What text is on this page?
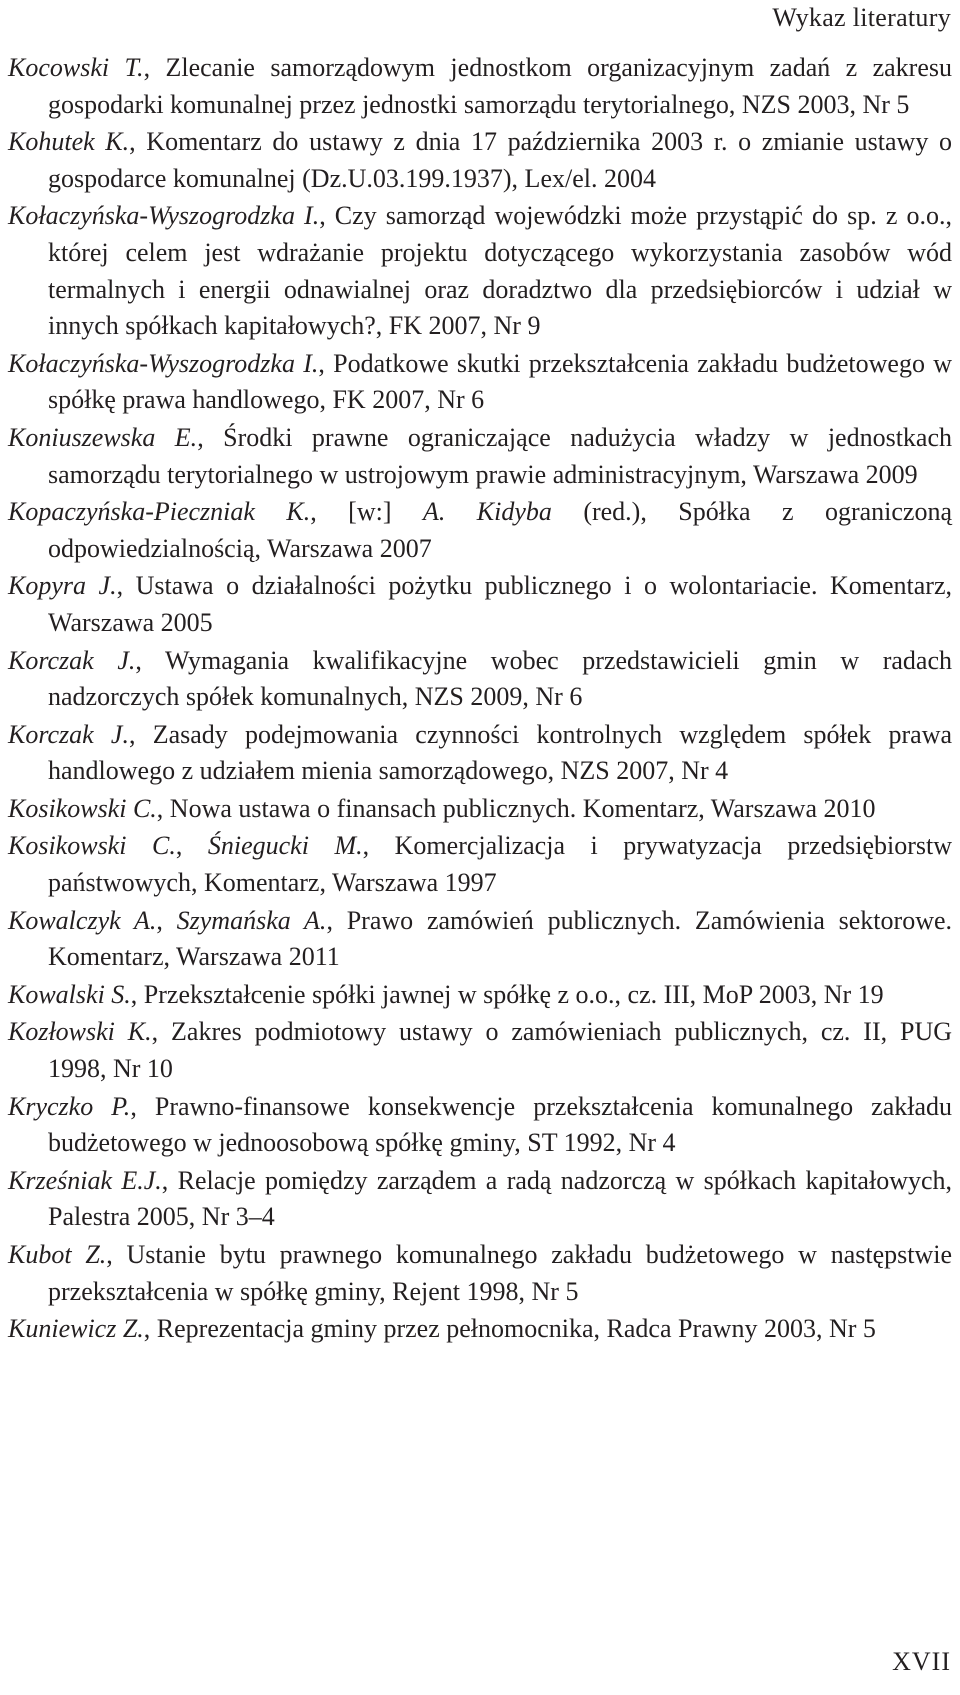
Wykaz literatury
Kocowski T., Zlecanie samorządowym jednostkom organizacyjnym zadań z zakresu gospodarki komunalnej przez jednostki samorządu terytorialnego, NZS 2003, Nr 5
Kohutek K., Komentarz do ustawy z dnia 17 października 2003 r. o zmianie ustawy o gospodarce komunalnej (Dz.U.03.199.1937), Lex/el. 2004
Kołaczyńska-Wyszogrodzka I., Czy samorząd wojewódzki może przystąpić do sp. z o.o., której celem jest wdrażanie projektu dotyczącego wykorzystania zasobów wód termalnych i energii odnawialnej oraz doradztwo dla przedsiębiorców i udział w innych spółkach kapitałowych?, FK 2007, Nr 9
Kołaczyńska-Wyszogrodzka I., Podatkowe skutki przekształcenia zakładu budżetowego w spółkę prawa handlowego, FK 2007, Nr 6
Koniuszewska E., Środki prawne ograniczające nadużycia władzy w jednostkach samorządu terytorialnego w ustrojowym prawie administracyjnym, Warszawa 2009
Kopaczyńska-Pieczniak K., [w:] A. Kidyba (red.), Spółka z ograniczoną odpowiedzialnością, Warszawa 2007
Kopyra J., Ustawa o działalności pożytku publicznego i o wolontariacie. Komentarz, Warszawa 2005
Korczak J., Wymagania kwalifikacyjne wobec przedstawicieli gmin w radach nadzorczych spółek komunalnych, NZS 2009, Nr 6
Korczak J., Zasady podejmowania czynności kontrolnych względem spółek prawa handlowego z udziałem mienia samorządowego, NZS 2007, Nr 4
Kosikowski C., Nowa ustawa o finansach publicznych. Komentarz, Warszawa 2010
Kosikowski C., Śniegucki M., Komercjalizacja i prywatyzacja przedsiębiorstw państwowych, Komentarz, Warszawa 1997
Kowalczyk A., Szymańska A., Prawo zamówień publicznych. Zamówienia sektorowe. Komentarz, Warszawa 2011
Kowalski S., Przekształcenie spółki jawnej w spółkę z o.o., cz. III, MoP 2003, Nr 19
Kozłowski K., Zakres podmiotowy ustawy o zamówieniach publicznych, cz. II, PUG 1998, Nr 10
Kryczko P., Prawno-finansowe konsekwencje przekształcenia komunalnego zakładu budżetowego w jednoosobową spółkę gminy, ST 1992, Nr 4
Krześniak E.J., Relacje pomiędzy zarządem a radą nadzorczą w spółkach kapitałowych, Palestra 2005, Nr 3–4
Kubot Z., Ustanie bytu prawnego komunalnego zakładu budżetowego w następstwie przekształcenia w spółkę gminy, Rejent 1998, Nr 5
Kuniewicz Z., Reprezentacja gminy przez pełnomocnika, Radca Prawny 2003, Nr 5
XVII
